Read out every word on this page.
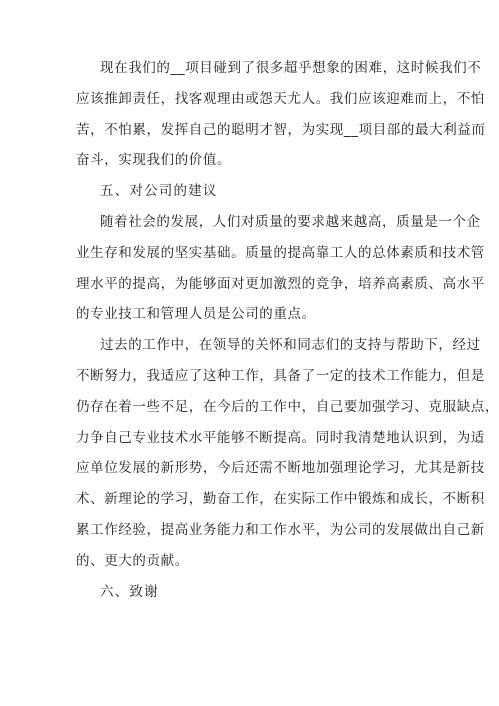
现在我们的__项目碰到了很多超乎想象的困难，这时候我们不
应该推卸责任，找客观理由或怨天尤人。我们应该迎难而上，不怕
苦，不怕累，发挥自己的聪明才智，为实现__项目部的最大利益而
奋斗，实现我们的价值。
五、对公司的建议
随着社会的发展，人们对质量的要求越来越高，质量是一个企
业生存和发展的坚实基础。质量的提高靠工人的总体素质和技术管
理水平的提高，为能够面对更加激烈的竞争，培养高素质、高水平
的专业技工和管理人员是公司的重点。
过去的工作中，在领导的关怀和同志们的支持与帮助下，经过
不断努力，我适应了这种工作，具备了一定的技术工作能力，但是
仍存在着一些不足，在今后的工作中，自己要加强学习、克服缺点，
力争自己专业技术水平能够不断提高。同时我清楚地认识到，为适
应单位发展的新形势，今后还需不断地加强理论学习，尤其是新技
术、新理论的学习，勤奋工作，在实际工作中锻炼和成长，不断积
累工作经验，提高业务能力和工作水平，为公司的发展做出自己新
的、更大的贡献。
六、致谢
